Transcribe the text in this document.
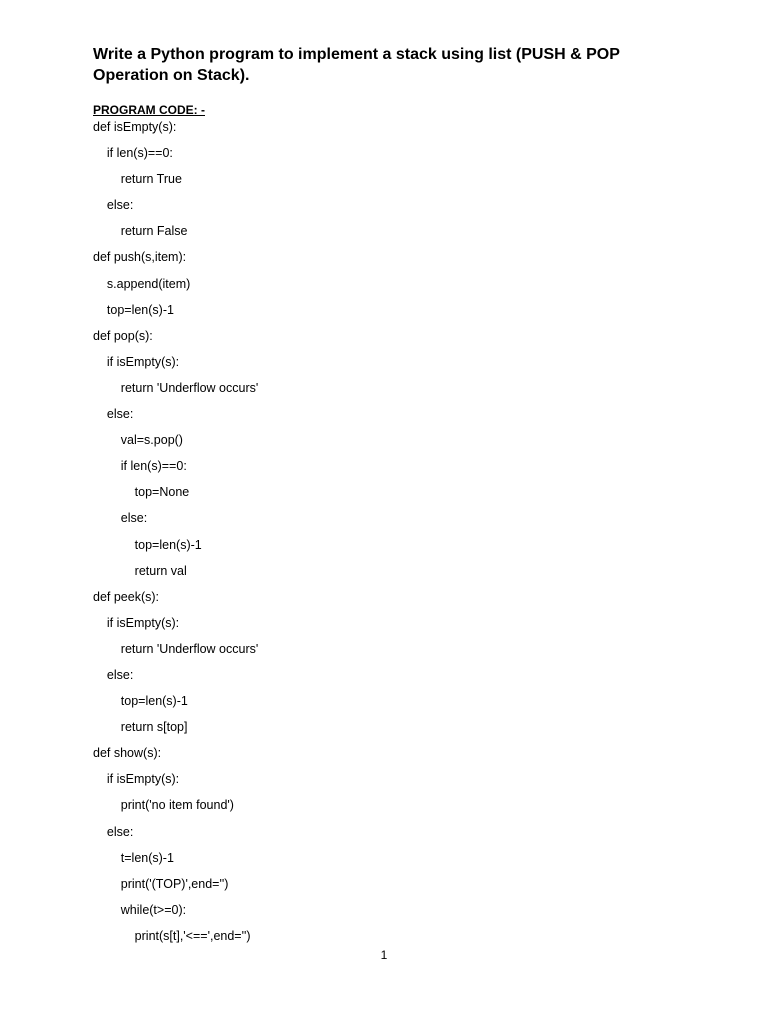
Write a Python program to implement a stack using list (PUSH & POP Operation on Stack).
PROGRAM CODE: -
def isEmpty(s):
if len(s)==0:
return True
else:
return False
def push(s,item):
s.append(item)
top=len(s)-1
def pop(s):
if isEmpty(s):
return 'Underflow occurs'
else:
val=s.pop()
if len(s)==0:
top=None
else:
top=len(s)-1
return val
def peek(s):
if isEmpty(s):
return 'Underflow occurs'
else:
top=len(s)-1
return s[top]
def show(s):
if isEmpty(s):
print('no item found')
else:
t=len(s)-1
print('(TOP)',end='')
while(t>=0):
print(s[t],'<==',end='')
1
